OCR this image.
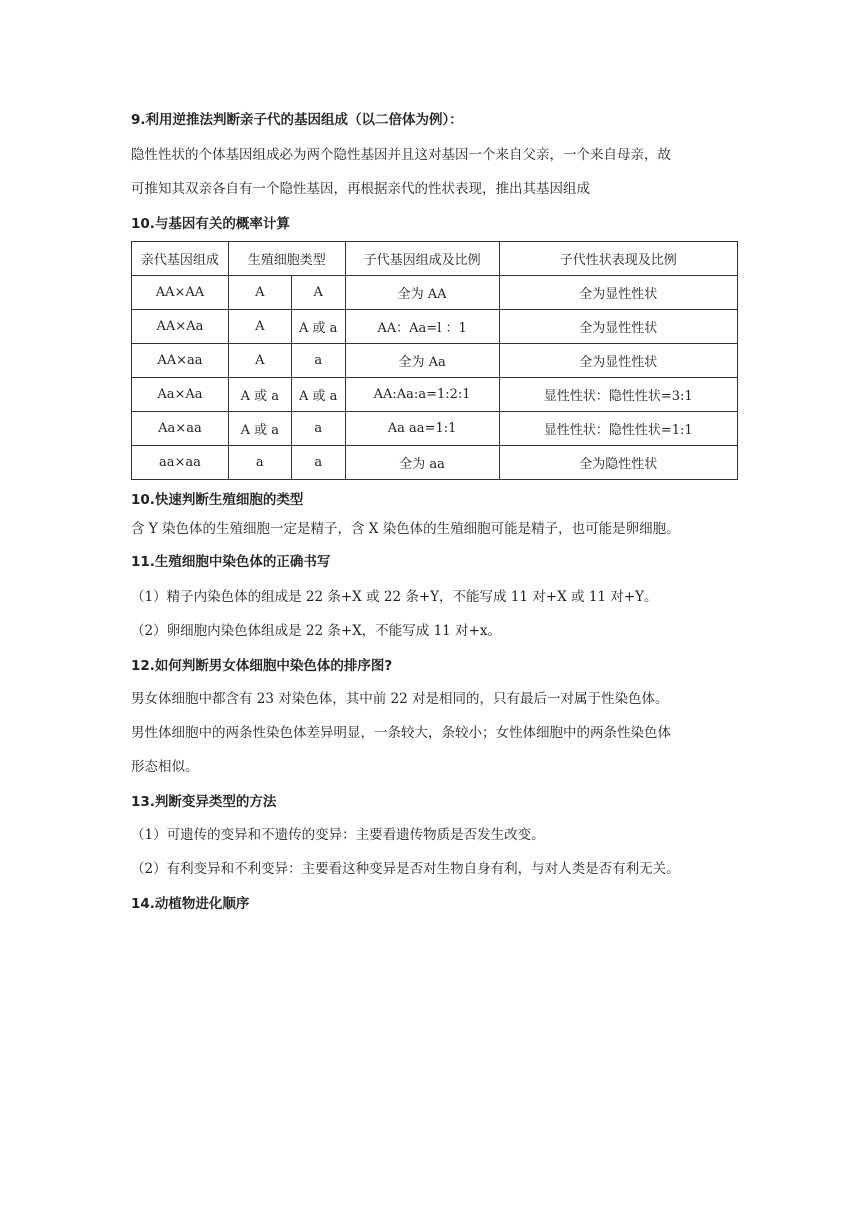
9.利用逆推法判断亲子代的基因组成（以二倍体为例）：

隐性性状的个体基因组成必为两个隐性基因并且这对基因一个来自父亲，一个来自母亲，故

可推知其双亲各自有一个隐性基因，再根据亲代的性状表现，推出其基因组成

10.与基因有关的概率计算

亲代基因组成	生殖细胞类型		子代基因组成及比例	子代性状表现及比例
AA×AA	A	A	全为 AA	全为显性性状
AA×Aa	A	A 或 a	AA：Aa=l ：1	全为显性性状
AA×aa	A	a	全为 Aa	全为显性性状
Aa×Aa	A 或 a	A 或 a	AA:Aa:a=1:2:1	显性性状：隐性性状=3:1
Aa×aa	A 或 a	a	Aa aa=1:1	显性性状：隐性性状=1:1
aa×aa	a	a	全为 aa	全为隐性性状

10.快速判断生殖细胞的类型

含 Y 染色体的生殖细胞一定是精子，含 X 染色体的生殖细胞可能是精子，也可能是卵细胞。

11.生殖细胞中染色体的正确书写

（1）精子内染色体的组成是 22 条+X 或 22 条+Y，不能写成 11 对+X 或 11 对+Y。

（2）卵细胞内染色体组成是 22 条+X，不能写成 11 对+x。

12.如何判断男女体细胞中染色体的排序图?

男女体细胞中都含有 23 对染色体，其中前 22 对是相同的，只有最后一对属于性染色体。

男性体细胞中的两条性染色体差异明显，一条较大，条较小；女性体细胞中的两条性染色体

形态相似。

13.判断变异类型的方法

（1）可遗传的变异和不遗传的变异：主要看遗传物质是否发生改变。

（2）有利变异和不利变异：主要看这种变异是否对生物自身有利，与对人类是否有利无关。

14.动植物进化顺序
